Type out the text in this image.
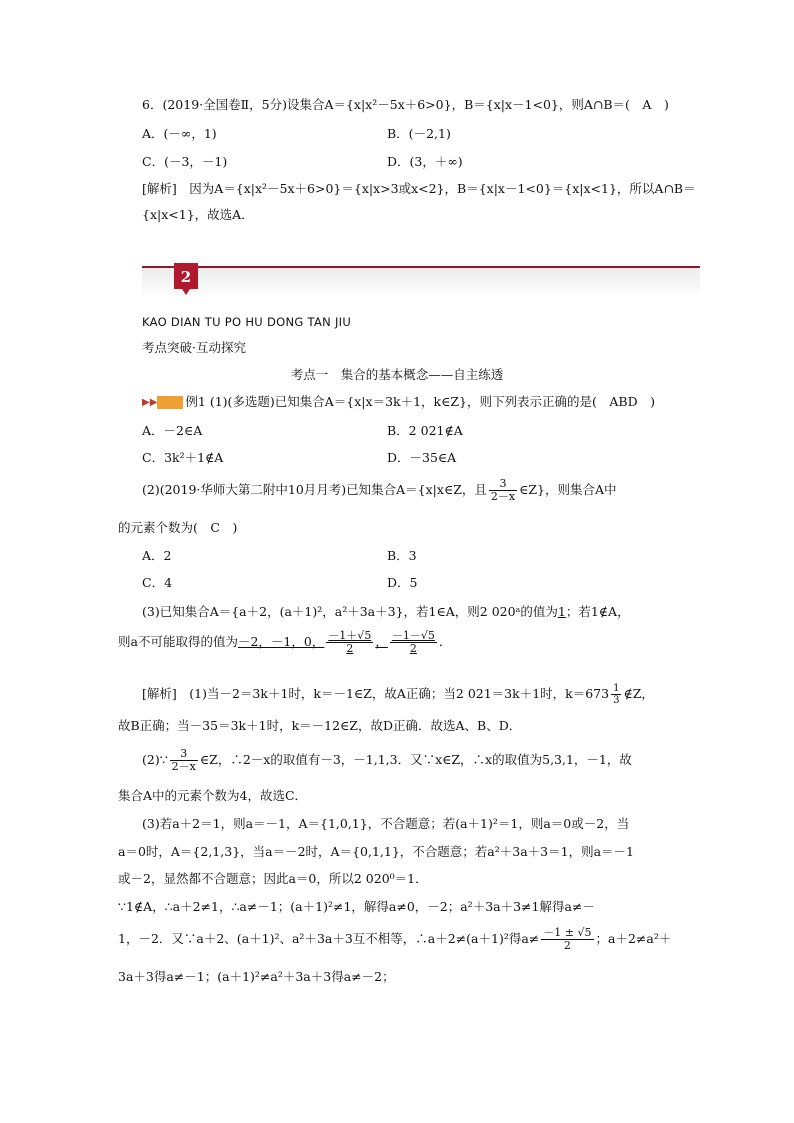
6．(2019·全国卷Ⅱ，5分)设集合A＝{x|x²－5x＋6>0}，B＝{x|x－1<0}，则A∩B＝(　A　)
A．(－∞，1)	B．(－2,1)
C．(－3，－1)	D．(3，＋∞)
[解析]　因为A＝{x|x²－5x＋6>0}＝{x|x>3或x<2}，B＝{x|x－1<0}＝{x|x<1}，所以A∩B＝
{x|x<1}，故选A．
2
KAO DIAN TU PO HU DONG TAN JIU
考点突破·互动探究
考点一　集合的基本概念——自主练透
▶▶ 例1 (1)(多选题)已知集合A＝{x|x＝3k＋1，k∈Z}，则下列表示正确的是(　ABD　)
A．－2∈A	B．2 021∉A
C．3k²＋1∉A	D．－35∈A
(2)(2019·华师大第二附中10月月考)已知集合A＝{x|x∈Z，且 $\frac{3}{2-x}$ ∈Z}，则集合A中
的元素个数为(　C　)
A．2	B．3
C．4	D．5
(3)已知集合A＝{a＋2，(a＋1)²，a²＋3a＋3}，若1∈A，则2 020ᵃ的值为1；若1∉A，
则a不可能取得的值为－2，－1，0， $\frac{-1+√5}{2}$ ， $\frac{-1-√5}{2}$ ．
[解析]　(1)当－2＝3k＋1时，k＝－1∈Z，故A正确；当2 021＝3k＋1时，$k=673 \frac{1}{3}$ ∉Z，
故B正确；当－35＝3k＋1时，k＝－12∈Z，故D正确．故选A、B、D．
(2)∵ $\frac{3}{2-x}$ ∈Z，∴2－x的取值有－3，－1,1,3．又∵x∈Z，∴x的取值为5,3,1，－1，故
集合A中的元素个数为4，故选C．
(3)若a＋2＝1，则a＝－1，A＝{1,0,1}，不合题意；若(a＋1)²＝1，则a＝0或－2，当
a＝0时，A＝{2,1,3}，当a＝－2时，A＝{0,1,1}，不合题意；若a²＋3a＋3＝1，则a＝－1
或－2，显然都不合题意；因此a＝0，所以2 020⁰＝1．
∵1∉A，∴a＋2≠1，∴a≠－1；(a＋1)²≠1，解得a≠0，－2；a²＋3a＋3≠1解得a≠－
1，－2．又∵a＋2、(a＋1)²、a²＋3a＋3互不相等，∴a＋2≠(a＋1)²得$a\ne \frac{-1 \pm √5}{2}$ ；a＋2≠a²＋
3a＋3得a≠－1；(a＋1)²≠a²＋3a＋3得a≠－2；
